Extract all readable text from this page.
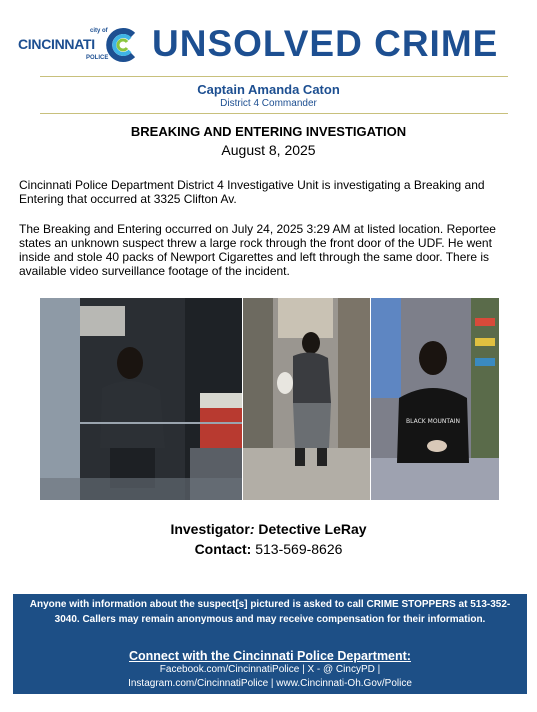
city of
CINCINNATI
POLICE UNSOLVED CRIME
Captain Amanda Caton
District 4 Commander
BREAKING AND ENTERING INVESTIGATION
August 8, 2025

Cincinnati Police Department District 4 Investigative Unit is investigating a Breaking and Entering that occurred at 3325 Clifton Av.

The Breaking and Entering occurred on July 24, 2025 3:29 AM at listed location. Reportee states an unknown suspect threw a large rock through the front door of the UDF. He went inside and stole 40 packs of Newport Cigarettes and left through the same door. There is available video surveillance footage of the incident.

BLACK MOUNTAIN
Investigator: Detective LeRay
Contact: 513-569-8626
Anyone with information about the suspect[s] pictured is asked to call CRIME STOPPERS at 513-352-3040. Callers may remain anonymous and may receive compensation for their information.
Connect with the Cincinnati Police Department:
Facebook.com/CincinnatiPolice | X - @ CincyPD |
Instagram.com/CincinnatiPolice | www.Cincinnati-Oh.Gov/Police
